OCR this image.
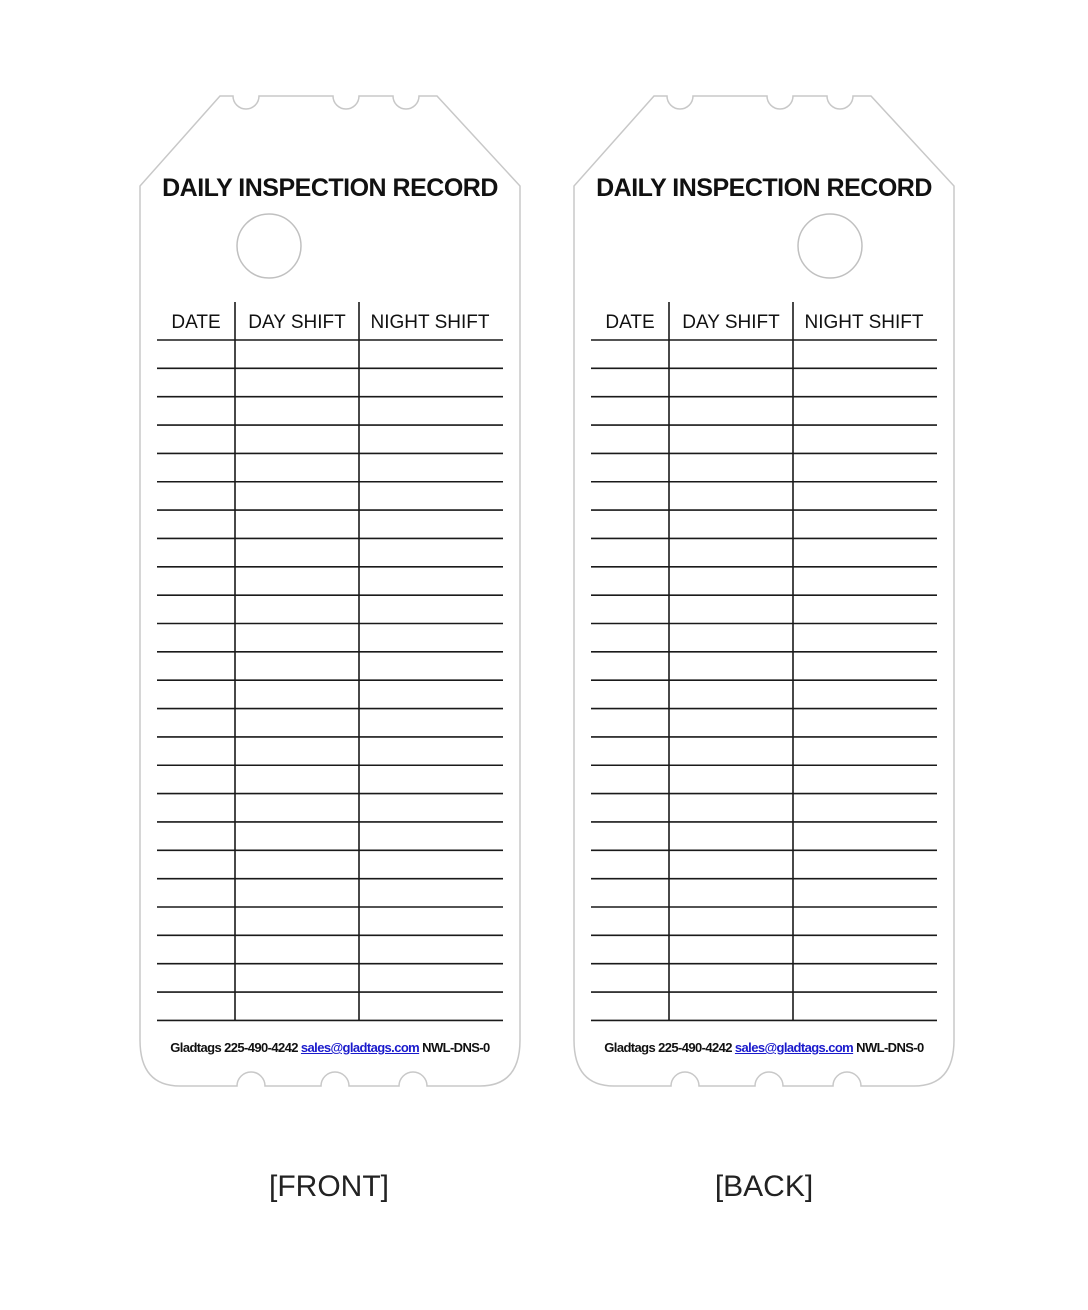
DAILY INSPECTION RECORD
DATE	DAY SHIFT	NIGHT SHIFT
Gladtags 225-490-4242 sales@gladtags.com NWL-DNS-0
DAILY INSPECTION RECORD
DATE	DAY SHIFT	NIGHT SHIFT
Gladtags 225-490-4242 sales@gladtags.com NWL-DNS-0
[FRONT]	[BACK]
